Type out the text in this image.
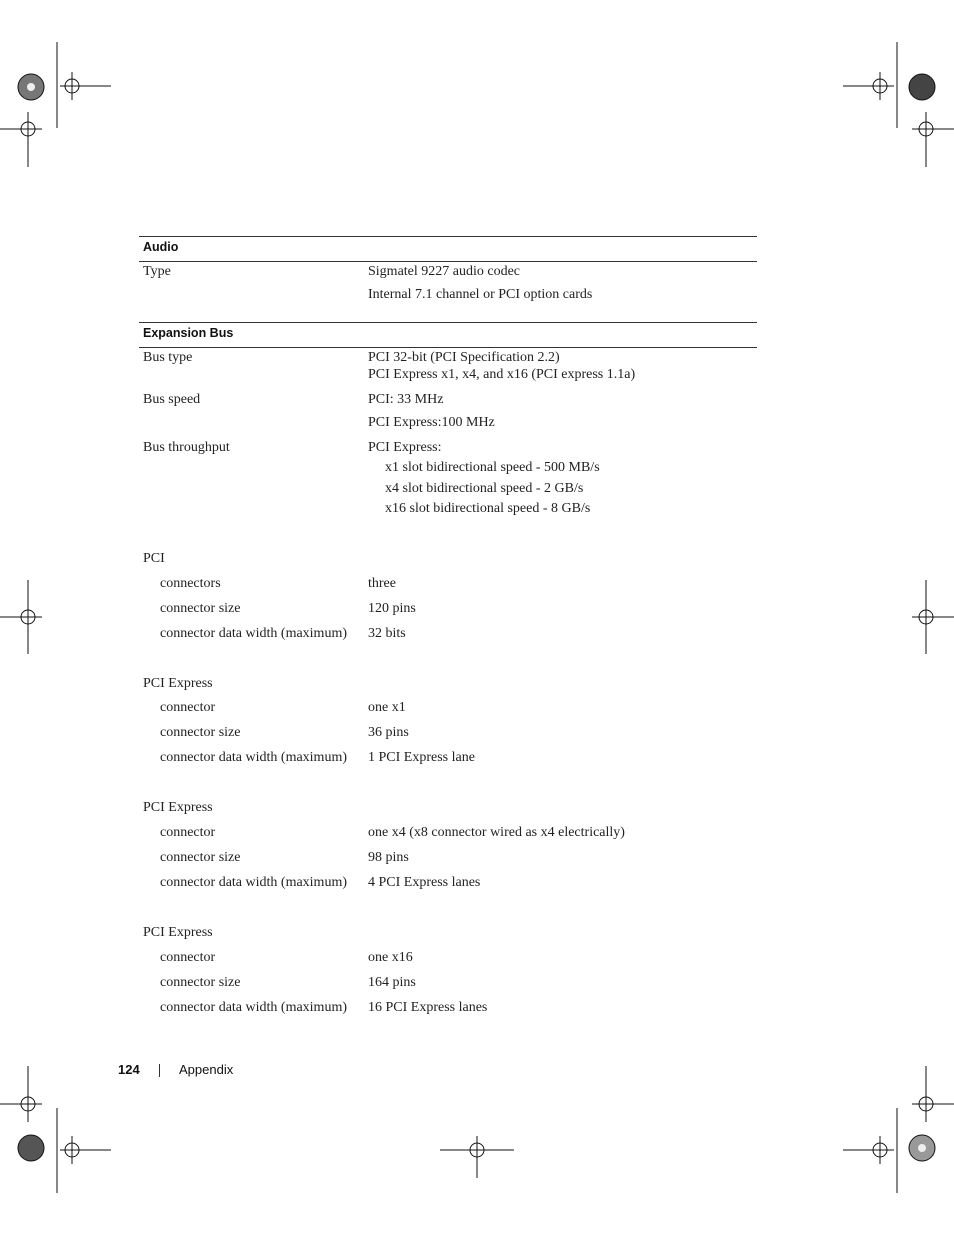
Audio
Type	Sigmatel 9227 audio codec
Internal 7.1 channel or PCI option cards
Expansion Bus
Bus type	PCI 32-bit (PCI Specification 2.2)
PCI Express x1, x4, and x16 (PCI express 1.1a)
Bus speed	PCI: 33 MHz
PCI Express:100 MHz
Bus throughput	PCI Express:
x1 slot bidirectional speed - 500 MB/s
x4 slot bidirectional speed - 2 GB/s
x16 slot bidirectional speed - 8 GB/s
PCI
connectors	three
connector size	120 pins
connector data width (maximum) 32 bits
PCI Express
connector	one x1
connector size	36 pins
connector data width (maximum) 1 PCI Express lane
PCI Express
connector	one x4 (x8 connector wired as x4 electrically)
connector size	98 pins
connector data width (maximum) 4 PCI Express lanes
PCI Express
connector	one x16
connector size	164 pins
connector data width (maximum) 16 PCI Express lanes
124	Appendix
